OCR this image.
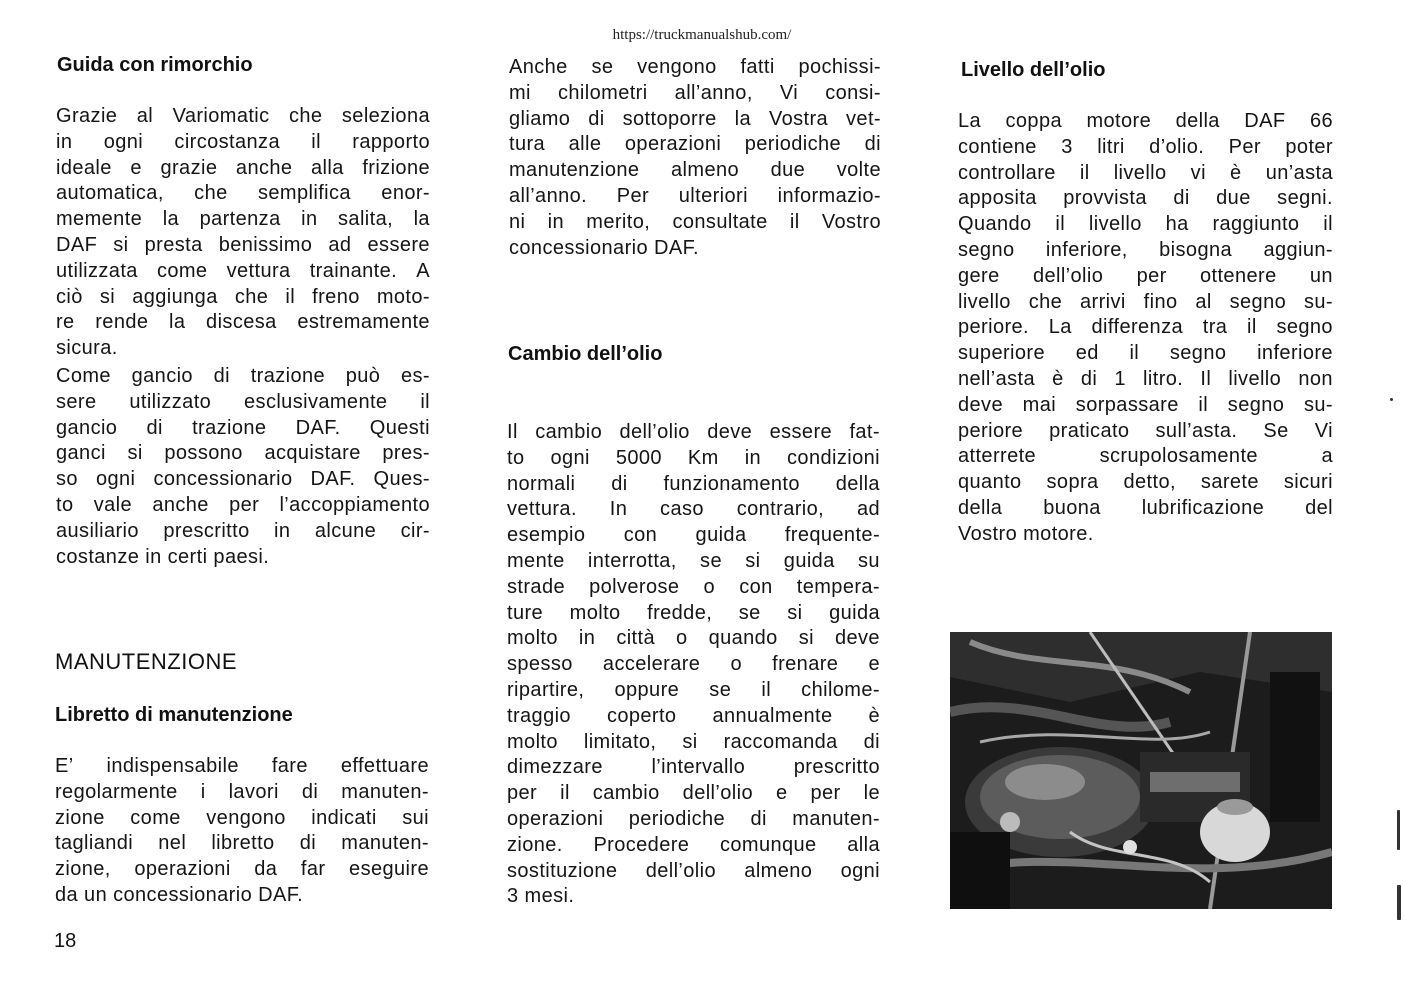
https://truckmanualshub.com/
Guida con rimorchio
Grazie al Variomatic che seleziona
in ogni circostanza il rapporto
ideale e grazie anche alla frizione
automatica, che semplifica enor-
memente la partenza in salita, la
DAF si presta benissimo ad essere
utilizzata come vettura trainante. A
ciò si aggiunga che il freno moto-
re rende la discesa estremamente
sicura.
Come gancio di trazione può es-
sere utilizzato esclusivamente il
gancio di trazione DAF. Questi
ganci si possono acquistare pres-
so ogni concessionario DAF. Ques-
to vale anche per l’accoppiamento
ausiliario prescritto in alcune cir-
costanze in certi paesi.
MANUTENZIONE
Libretto di manutenzione
E’ indispensabile fare effettuare
regolarmente i lavori di manuten-
zione come vengono indicati sui
tagliandi nel libretto di manuten-
zione, operazioni da far eseguire
da un concessionario DAF.
18
Anche se vengono fatti pochissi-
mi chilometri all’anno, Vi consi-
gliamo di sottoporre la Vostra vet-
tura alle operazioni periodiche di
manutenzione almeno due volte
all’anno. Per ulteriori informazio-
ni in merito, consultate il Vostro
concessionario DAF.
Cambio dell’olio
Il cambio dell’olio deve essere fat-
to ogni 5000 Km in condizioni
normali di funzionamento della
vettura. In caso contrario, ad
esempio con guida frequente-
mente interrotta, se si guida su
strade polverose o con tempera-
ture molto fredde, se si guida
molto in città o quando si deve
spesso accelerare o frenare e
ripartire, oppure se il chilome-
traggio coperto annualmente è
molto limitato, si raccomanda di
dimezzare l’intervallo prescritto
per il cambio dell’olio e per le
operazioni periodiche di manuten-
zione. Procedere comunque alla
sostituzione dell’olio almeno ogni
3 mesi.
Livello dell’olio
La coppa motore della DAF 66
contiene 3 litri d’olio. Per poter
controllare il livello vi è un’asta
apposita provvista di due segni.
Quando il livello ha raggiunto il
segno inferiore, bisogna aggiun-
gere dell’olio per ottenere un
livello che arrivi fino al segno su-
periore. La differenza tra il segno
superiore ed il segno inferiore
nell’asta è di 1 litro. Il livello non
deve mai sorpassare il segno su-
periore praticato sull’asta. Se Vi
atterrete	scrupolosamente	a
quanto sopra detto, sarete sicuri
della buona lubrificazione del
Vostro motore.
